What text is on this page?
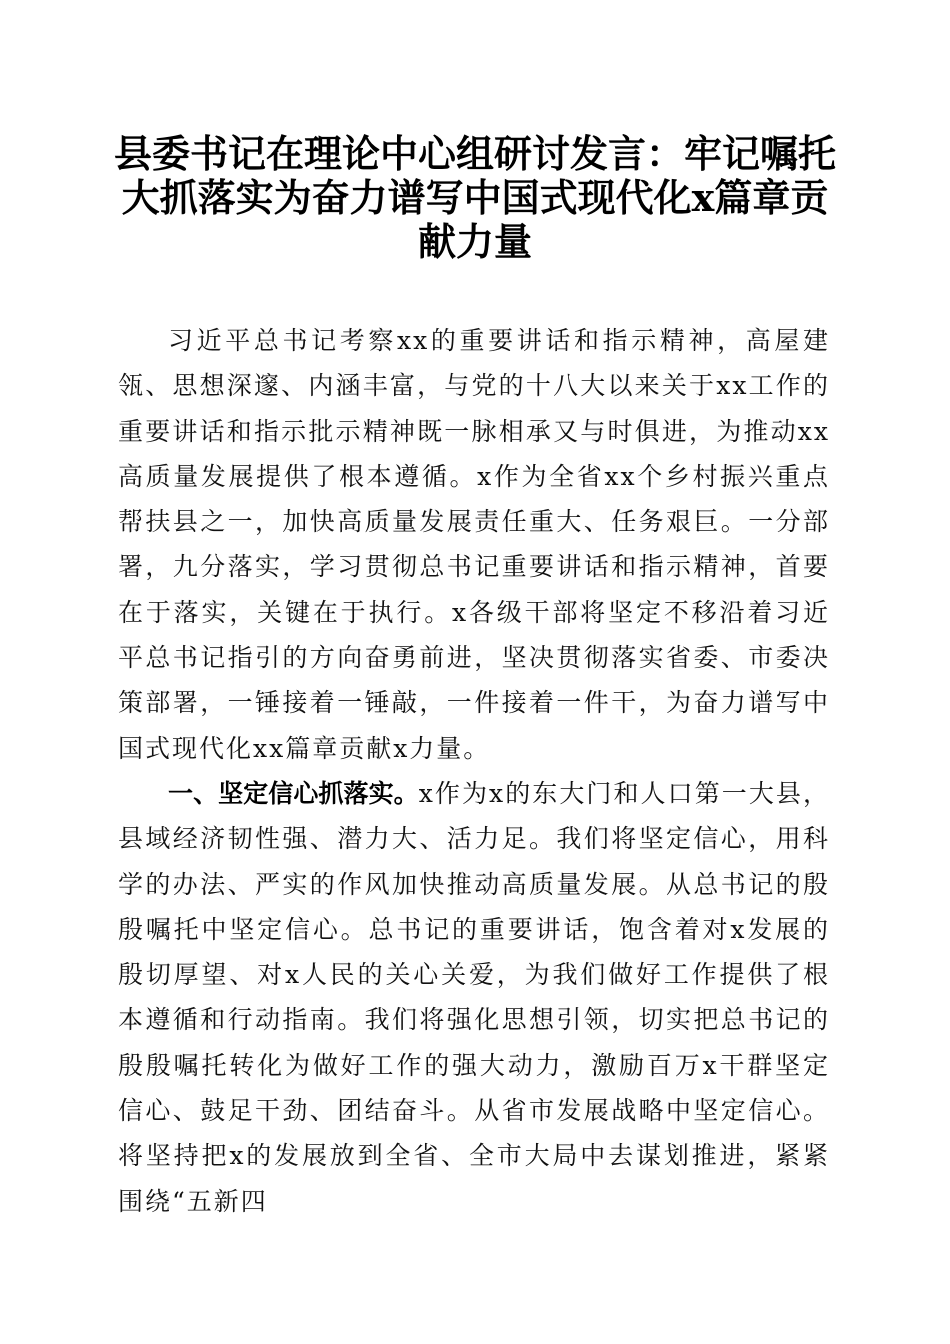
县委书记在理论中心组研讨发言：牢记嘱托大抓落实为奋力谱写中国式现代化x篇章贡献力量

习近平总书记考察xx的重要讲话和指示精神，高屋建瓴、思想深邃、内涵丰富，与党的十八大以来关于xx工作的重要讲话和指示批示精神既一脉相承又与时俱进，为推动xx高质量发展提供了根本遵循。x作为全省xx个乡村振兴重点帮扶县之一，加快高质量发展责任重大、任务艰巨。一分部署，九分落实，学习贯彻总书记重要讲话和指示精神，首要在于落实，关键在于执行。x各级干部将坚定不移沿着习近平总书记指引的方向奋勇前进，坚决贯彻落实省委、市委决策部署，一锤接着一锤敲，一件接着一件干，为奋力谱写中国式现代化xx篇章贡献x力量。

一、坚定信心抓落实。x作为x的东大门和人口第一大县，县域经济韧性强、潜力大、活力足。我们将坚定信心，用科学的办法、严实的作风加快推动高质量发展。从总书记的殷殷嘱托中坚定信心。总书记的重要讲话，饱含着对x发展的殷切厚望、对x人民的关心关爱，为我们做好工作提供了根本遵循和行动指南。我们将强化思想引领，切实把总书记的殷殷嘱托转化为做好工作的强大动力，激励百万x干群坚定信心、鼓足干劲、团结奋斗。从省市发展战略中坚定信心。将坚持把x的发展放到全省、全市大局中去谋划推进，紧紧围绕“五新四
